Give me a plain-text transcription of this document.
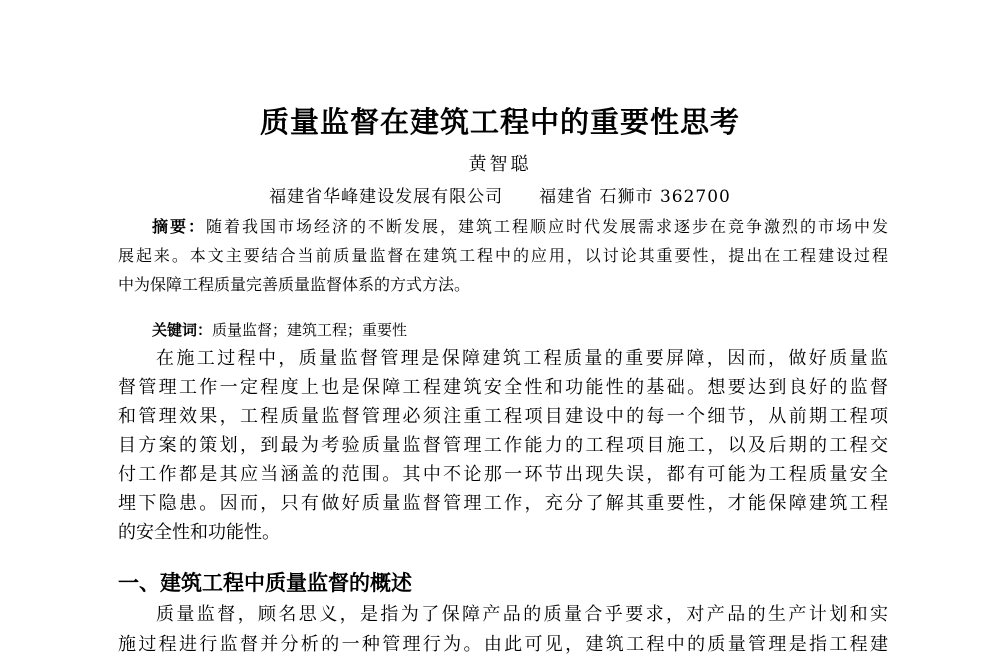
质量监督在建筑工程中的重要性思考
黄智聪
福建省华峰建设发展有限公司 福建省 石狮市 362700
摘要：随着我国市场经济的不断发展，建筑工程顺应时代发展需求逐步在竞争激烈的市场中发
展起来。本文主要结合当前质量监督在建筑工程中的应用，以讨论其重要性，提出在工程建设过程
中为保障工程质量完善质量监督体系的方式方法。
关键词：质量监督；建筑工程；重要性
在施工过程中，质量监督管理是保障建筑工程质量的重要屏障，因而，做好质量监
督管理工作一定程度上也是保障工程建筑安全性和功能性的基础。想要达到良好的监督
和管理效果，工程质量监督管理必须注重工程项目建设中的每一个细节，从前期工程项
目方案的策划，到最为考验质量监督管理工作能力的工程项目施工，以及后期的工程交
付工作都是其应当涵盖的范围。其中不论那一环节出现失误，都有可能为工程质量安全
埋下隐患。因而，只有做好质量监督管理工作，充分了解其重要性，才能保障建筑工程
的安全性和功能性。
一、建筑工程中质量监督的概述
质量监督，顾名思义，是指为了保障产品的质量合乎要求，对产品的生产计划和实
施过程进行监督并分析的一种管理行为。由此可见，建筑工程中的质量管理是指工程建
